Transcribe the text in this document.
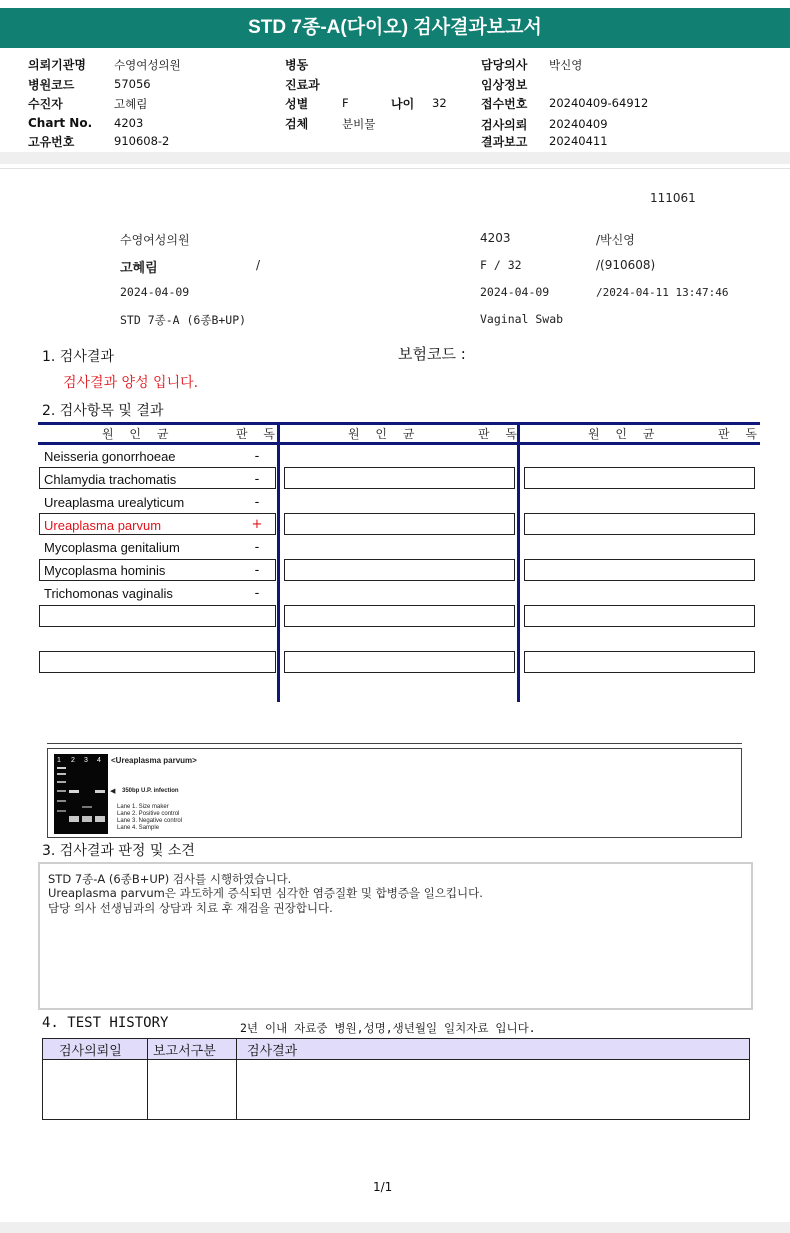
STD 7종-A(다이오) 검사결과보고서
의뢰기관명 수영여성의원
병원코드	57056
수진자	고혜림
Chart No. 4203
고유번호	910608-2
병동
진료과
성별	F	나이 32
검체	분비물
담당의사 박신영
임상정보
접수번호 20240409-64912
검사의뢰 20240409
결과보고 20240411
111061
수영여성의원	4203	/박신영
고혜림	/	F / 32	/(910608)
2024-04-09	2024-04-09	/2024-04-11 13:47:46
STD 7종-A (6종B+UP)	Vaginal Swab
1. 검사결과	보험코드 :
검사결과 양성 입니다.
2. 검사항목 및 결과
원 인 균	판 독	원 인 균	판 독	원 인 균	판 독
Neisseria gonorrhoeae	-
Chlamydia trachomatis	-
Ureaplasma urealyticum	-
Ureaplasma parvum	+
Mycoplasma genitalium	-
Mycoplasma hominis	-
Trichomonas vaginalis	-
1 2 3 4 <Ureaplasma parvum>
◀ 350bp U.P. infection
Lane 1. Size maker
Lane 2. Positive control
Lane 3. Negative control
Lane 4. Sample
3. 검사결과 판정 및 소견
STD 7종-A (6종B+UP) 검사를 시행하였습니다.
Ureaplasma parvum은 과도하게 증식되면 심각한 염증질환 및 합병증을 일으킵니다.
담당 의사 선생님과의 상담과 치료 후 재검을 권장합니다.
4. TEST HISTORY	2년 이내 자료중 병원,성명,생년월일 일치자료 입니다.
검사의뢰일 보고서구분 검사결과
1/1
